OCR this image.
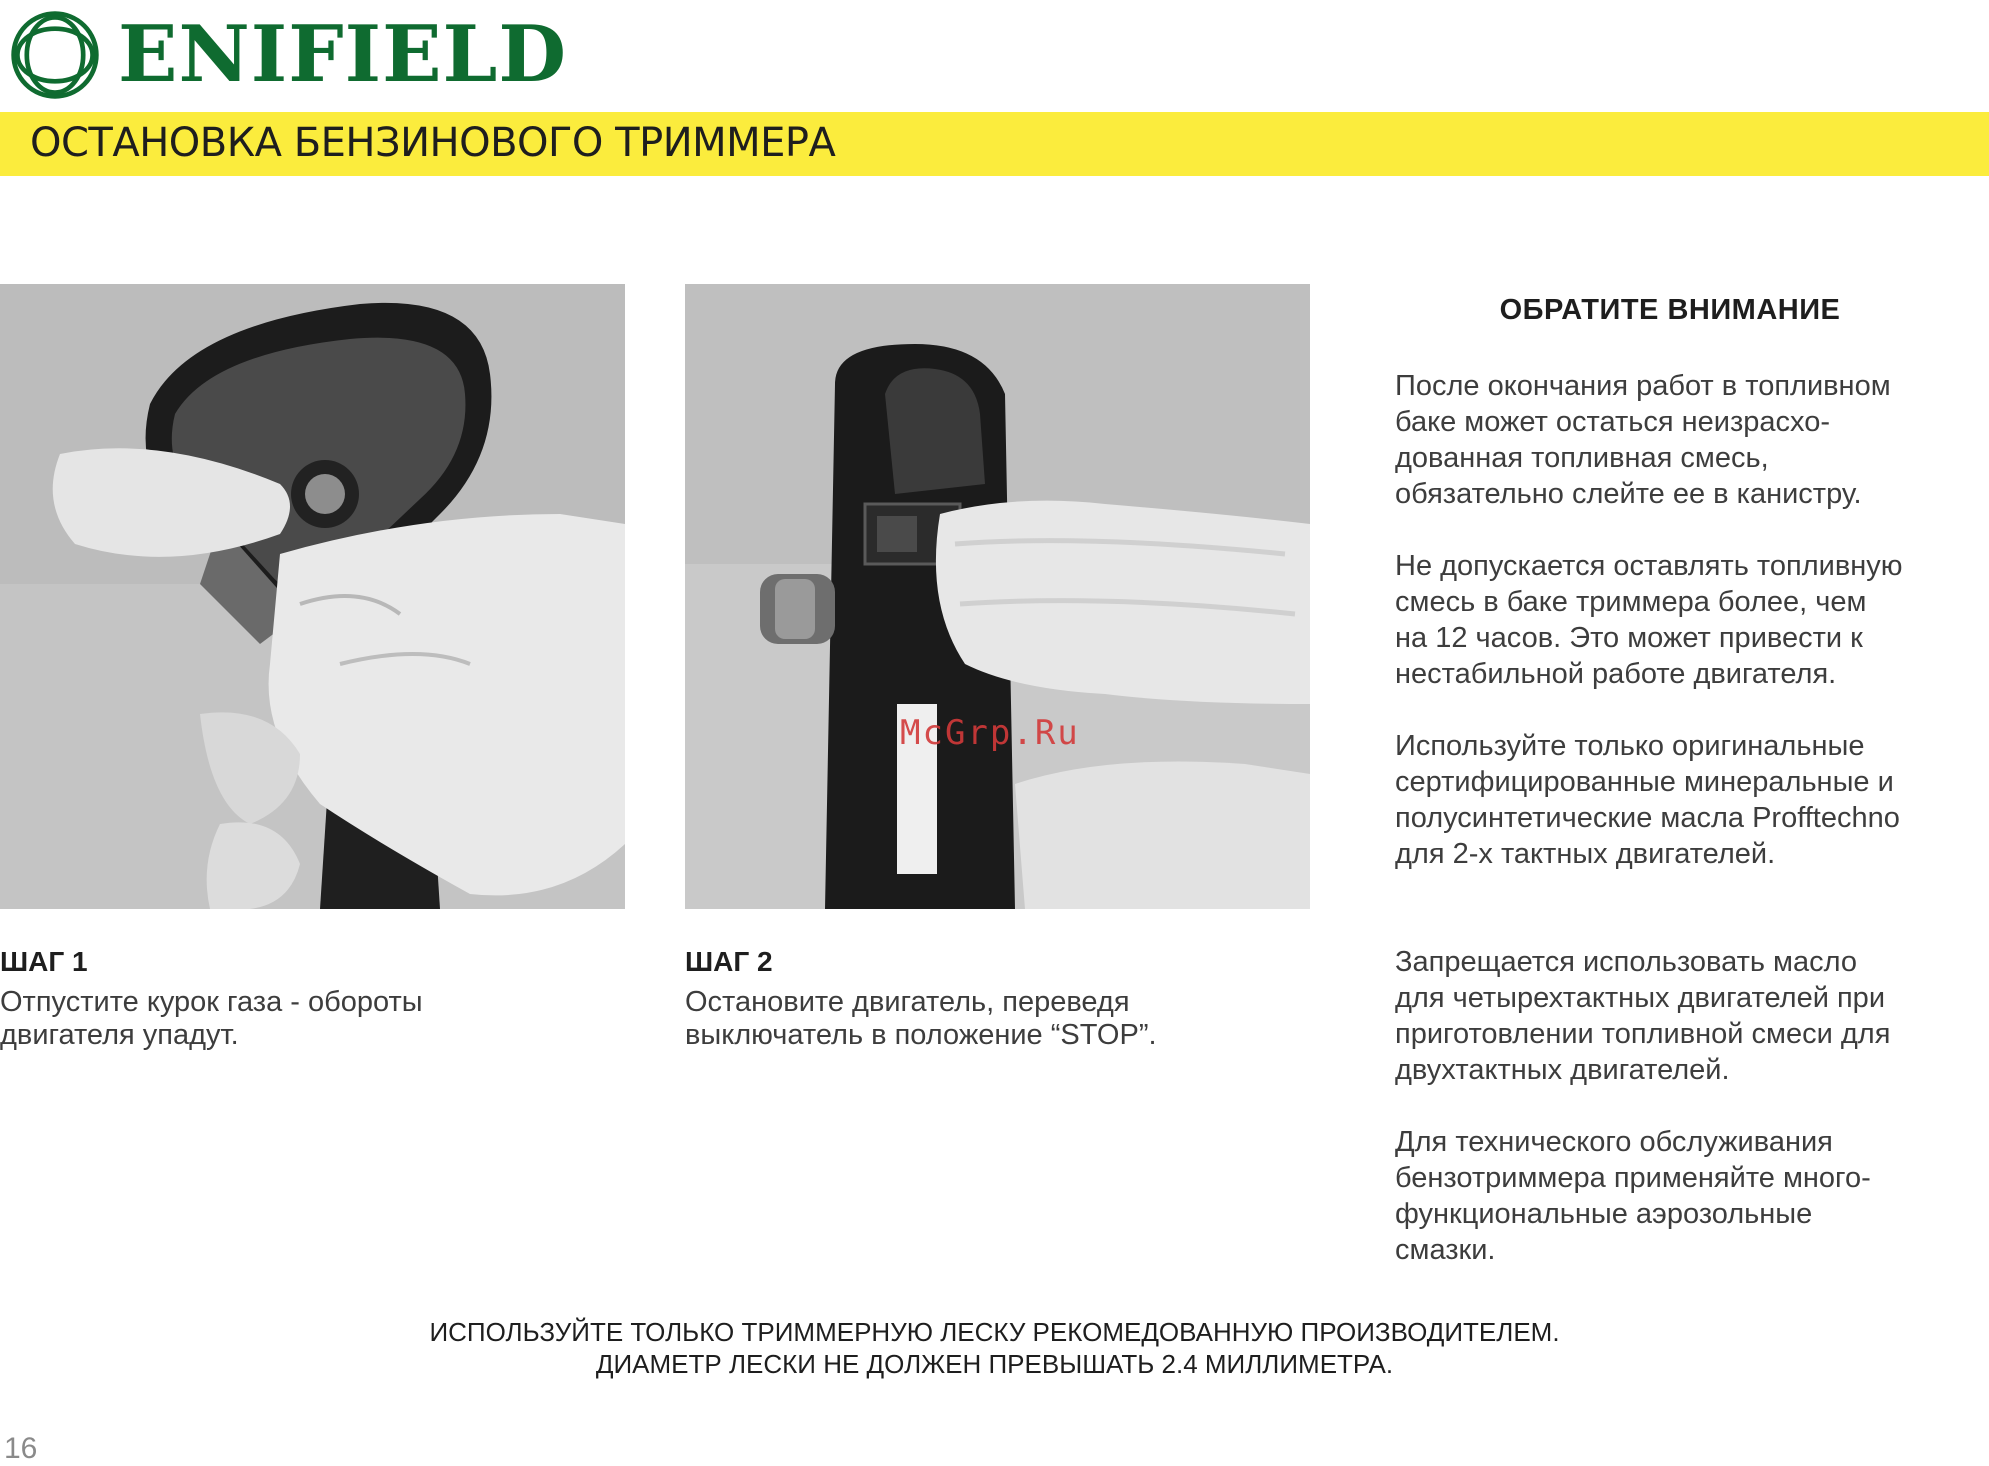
ENIFIELD
ОСТАНОВКА БЕНЗИНОВОГО ТРИММЕРА
McGrp.Ru
ШАГ 1
Отпустите курок газа - обороты
двигателя упадут.
ШАГ 2
Остановите двигатель, переведя
выключатель в положение “STOP”.
ОБРАТИТЕ ВНИМАНИЕ
После окончания работ в топливном
баке может остаться неизрасхо-
дованная топливная смесь,
обязательно слейте ее в канистру.
Не допускается оставлять топливную
смесь в баке триммера более, чем
на 12 часов. Это может привести к
нестабильной работе двигателя.
Используйте только оригинальные
сертифицированные минеральные и
полусинтетические масла Profftechno
для 2-х тактных двигателей.
Запрещается использовать масло
для четырехтактных двигателей при
приготовлении топливной смеси для
двухтактных двигателей.
Для технического обслуживания
бензотриммера применяйте много-
функциональные аэрозольные
смазки.
ИСПОЛЬЗУЙТЕ ТОЛЬКО ТРИММЕРНУЮ ЛЕСКУ РЕКОМЕДОВАННУЮ ПРОИЗВОДИТЕЛЕМ.
ДИАМЕТР ЛЕСКИ НЕ ДОЛЖЕН ПРЕВЫШАТЬ 2.4 МИЛЛИМЕТРА.
16
